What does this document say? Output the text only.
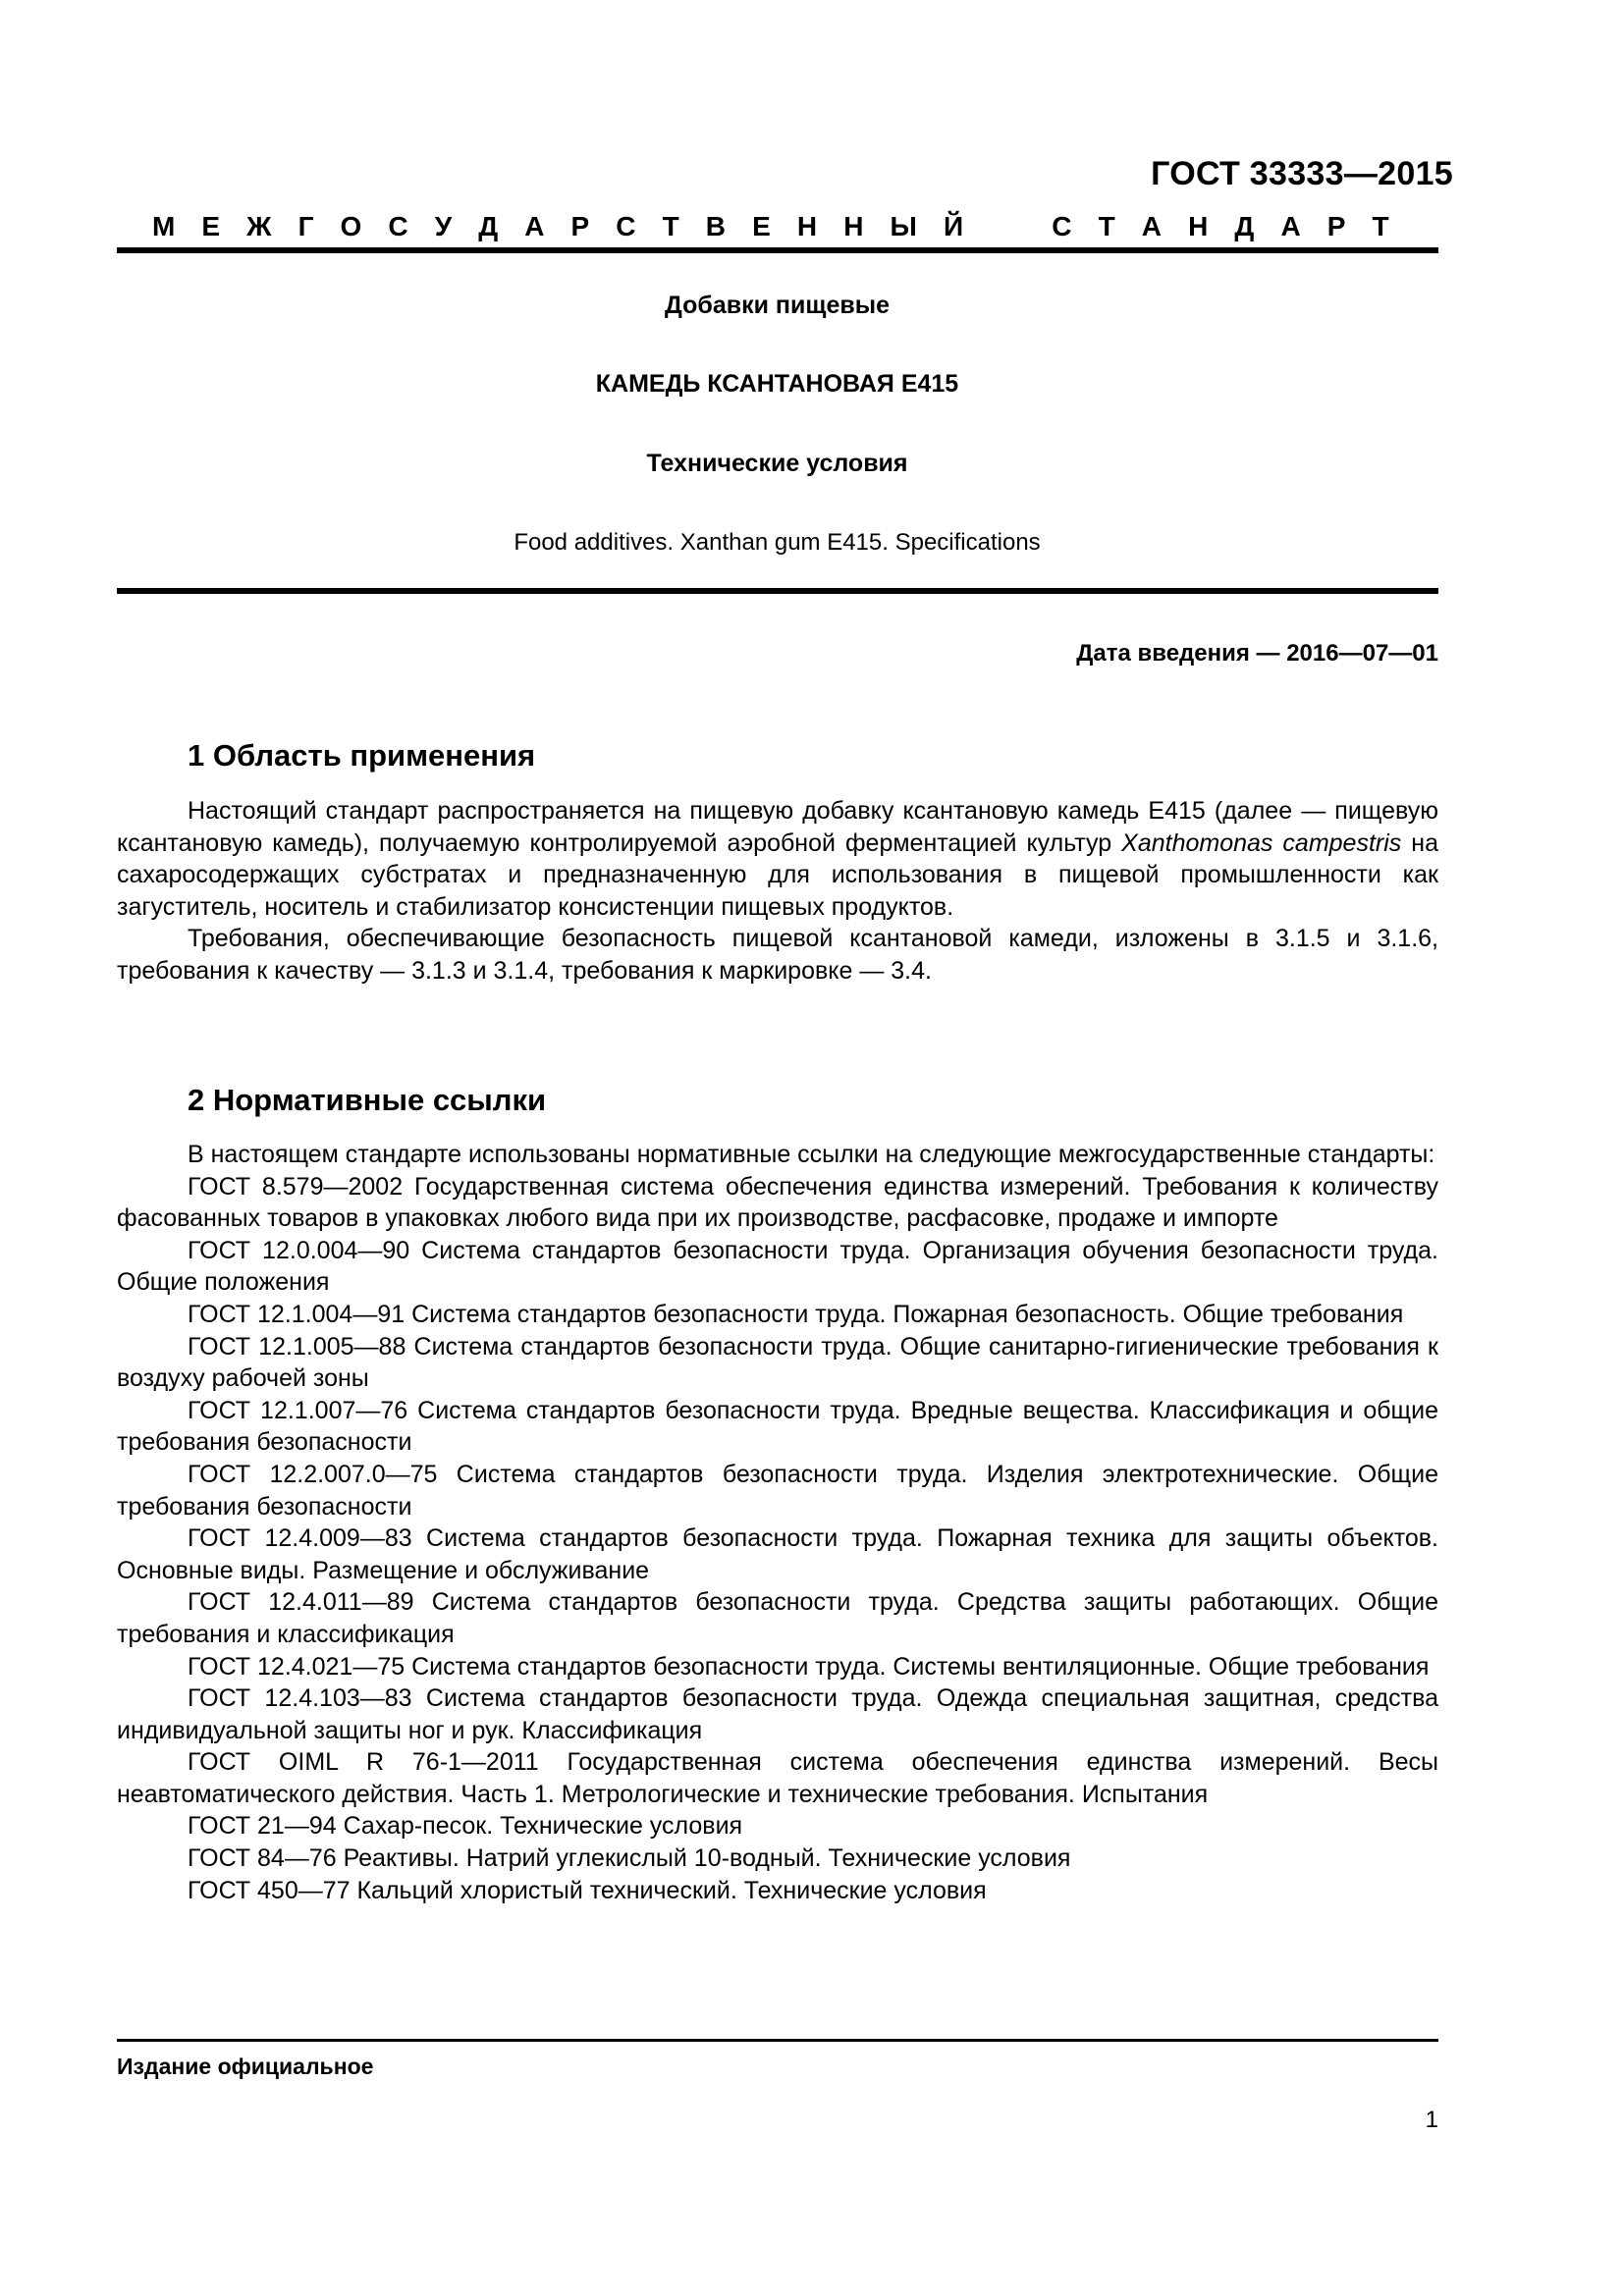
ГОСТ 33333—2015
М Е Ж Г О С У Д А Р С Т В Е Н Н Ы Й	С Т А Н Д А Р Т
Добавки пищевые
КАМЕДЬ КСАНТАНОВАЯ Е415
Технические условия
Food additives. Xanthan gum E415. Specifications
Дата введения — 2016—07—01
1 Область применения

Настоящий стандарт распространяется на пищевую добавку ксантановую камедь Е415 (далее — пищевую ксантановую камедь), получаемую контролируемой аэробной ферментацией культур Xanthomonas campestris на сахаросодержащих субстратах и предназначенную для использования в пищевой промышленности как загуститель, носитель и стабилизатор консистенции пищевых продуктов.

Требования, обеспечивающие безопасность пищевой ксантановой камеди, изложены в 3.1.5 и 3.1.6, требования к качеству — 3.1.3 и 3.1.4, требования к маркировке — 3.4.

2 Нормативные ссылки

В настоящем стандарте использованы нормативные ссылки на следующие межгосударственные стандарты:

ГОСТ 8.579—2002 Государственная система обеспечения единства измерений. Требования к количеству фасованных товаров в упаковках любого вида при их производстве, расфасовке, продаже и импорте

ГОСТ 12.0.004—90 Система стандартов безопасности труда. Организация обучения безопасности труда. Общие положения

ГОСТ 12.1.004—91 Система стандартов безопасности труда. Пожарная безопасность. Общие требования

ГОСТ 12.1.005—88 Система стандартов безопасности труда. Общие санитарно-гигиенические требования к воздуху рабочей зоны

ГОСТ 12.1.007—76 Система стандартов безопасности труда. Вредные вещества. Классификация и общие требования безопасности

ГОСТ 12.2.007.0—75 Система стандартов безопасности труда. Изделия электротехнические. Общие требования безопасности

ГОСТ 12.4.009—83 Система стандартов безопасности труда. Пожарная техника для защиты объектов. Основные виды. Размещение и обслуживание

ГОСТ 12.4.011—89 Система стандартов безопасности труда. Средства защиты работающих. Общие требования и классификация

ГОСТ 12.4.021—75 Система стандартов безопасности труда. Системы вентиляционные. Общие требования

ГОСТ 12.4.103—83 Система стандартов безопасности труда. Одежда специальная защитная, средства индивидуальной защиты ног и рук. Классификация

ГОСТ OIML R 76-1—2011 Государственная система обеспечения единства измерений. Весы неавтоматического действия. Часть 1. Метрологические и технические требования. Испытания

ГОСТ 21—94 Сахар-песок. Технические условия

ГОСТ 84—76 Реактивы. Натрий углекислый 10-водный. Технические условия

ГОСТ 450—77 Кальций хлористый технический. Технические условия

Издание официальное
1
